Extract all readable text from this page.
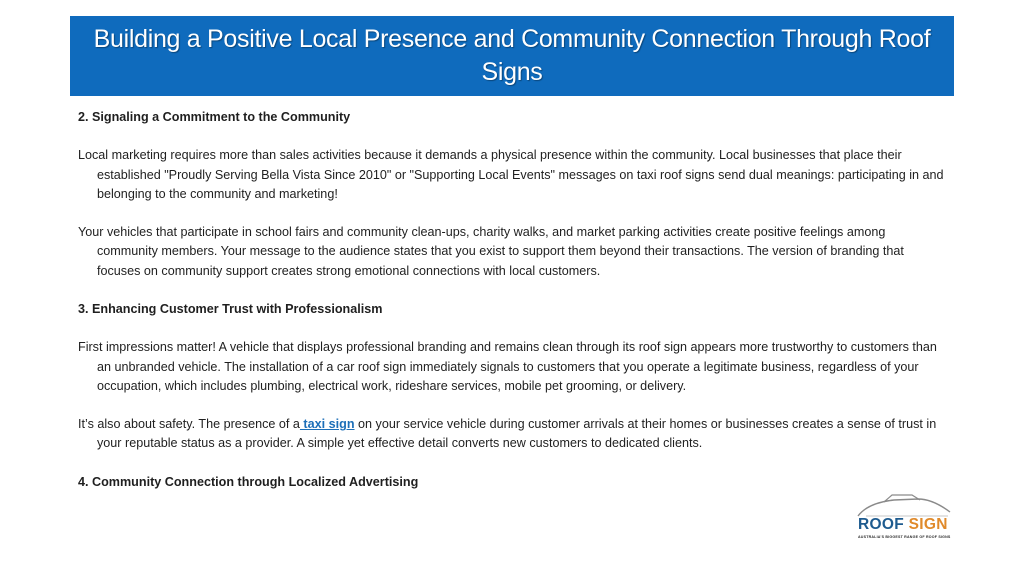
Building a Positive Local Presence and Community Connection Through Roof Signs
2. Signaling a Commitment to the Community

Local marketing requires more than sales activities because it demands a physical presence within the community. Local businesses that place their established "Proudly Serving Bella Vista Since 2010" or "Supporting Local Events" messages on taxi roof signs send dual meanings: participating in and belonging to the community and marketing!

Your vehicles that participate in school fairs and community clean-ups, charity walks, and market parking activities create positive feelings among community members. Your message to the audience states that you exist to support them beyond their transactions. The version of branding that focuses on community support creates strong emotional connections with local customers.

3. Enhancing Customer Trust with Professionalism

First impressions matter! A vehicle that displays professional branding and remains clean through its roof sign appears more trustworthy to customers than an unbranded vehicle. The installation of a car roof sign immediately signals to customers that you operate a legitimate business, regardless of your occupation, which includes plumbing, electrical work, rideshare services, mobile pet grooming, or delivery.

It’s also about safety. The presence of a taxi sign on your service vehicle during customer arrivals at their homes or businesses creates a sense of trust in your reputable status as a provider. A simple yet effective detail converts new customers to dedicated clients.

4. Community Connection through Localized Advertising
ROOF SIGN
AUSTRALIA'S BIGGEST RANGE OF ROOF SIGNS
